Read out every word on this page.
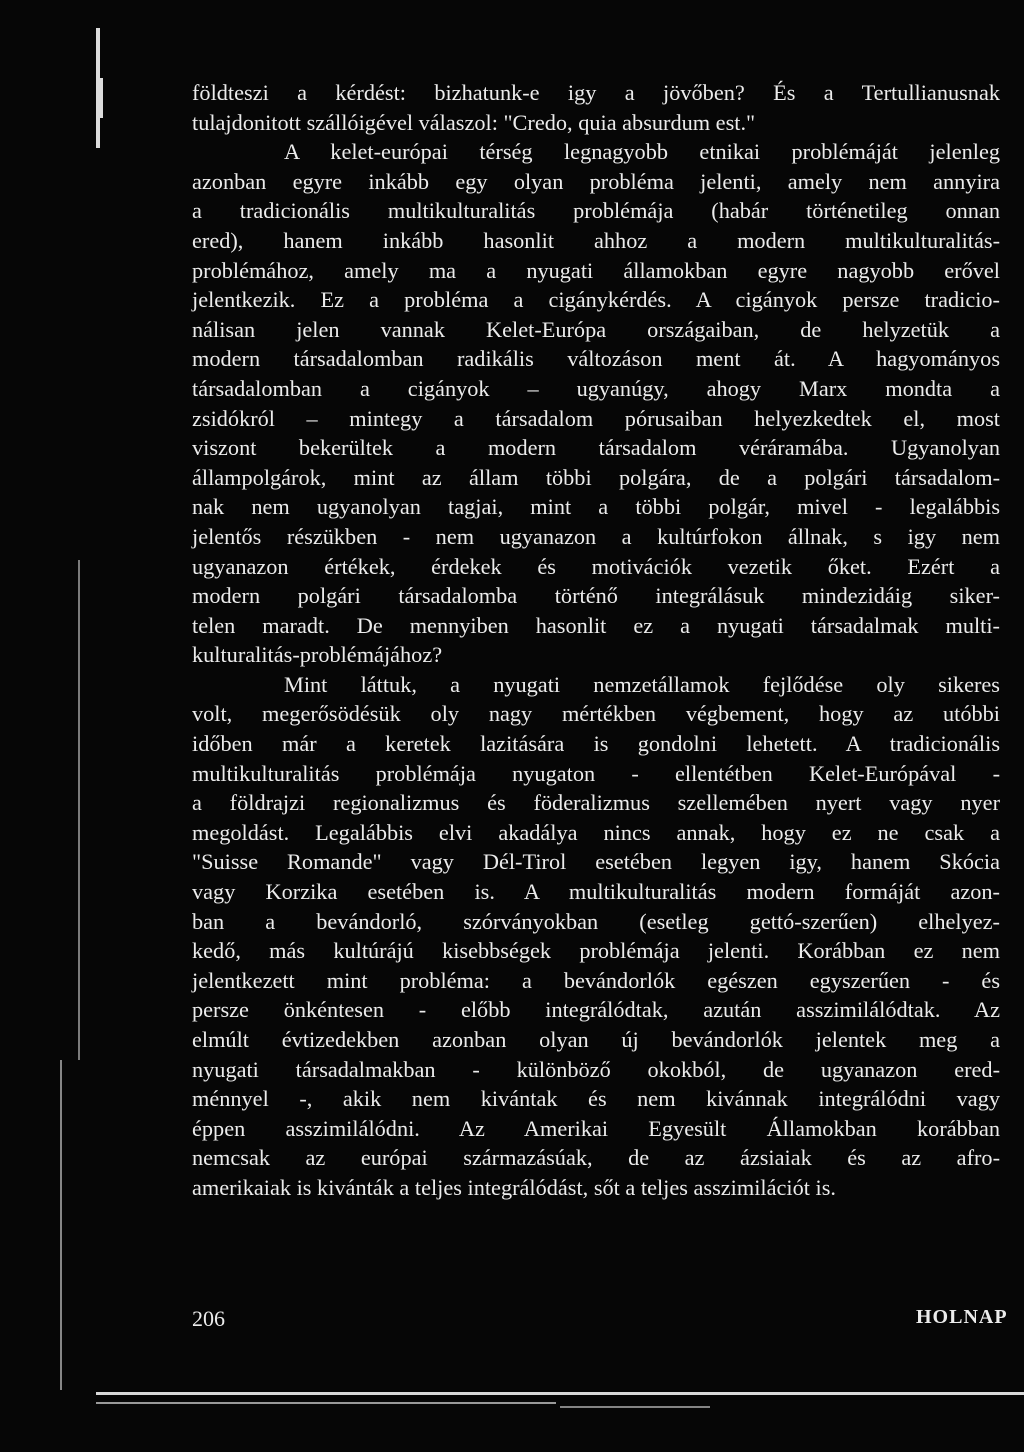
földteszi a kérdést: bizhatunk-e igy a jövőben? És a Tertullianusnak
tulajdonitott szállóigével válaszol: "Credo, quia absurdum est."
A kelet-európai térség legnagyobb etnikai problémáját jelenleg
azonban egyre inkább egy olyan probléma jelenti, amely nem annyira
a tradicionális multikulturalitás problémája (habár történetileg onnan
ered), hanem inkább hasonlit ahhoz a modern multikulturalitás-
problémához, amely ma a nyugati államokban egyre nagyobb erővel
jelentkezik. Ez a probléma a cigánykérdés. A cigányok persze tradicio-
nálisan jelen vannak Kelet-Európa országaiban, de helyzetük a
modern társadalomban radikális változáson ment át. A hagyományos
társadalomban a cigányok – ugyanúgy, ahogy Marx mondta a
zsidókról – mintegy a társadalom pórusaiban helyezkedtek el, most
viszont bekerültek a modern társadalom véráramába. Ugyanolyan
állampolgárok, mint az állam többi polgára, de a polgári társadalom-
nak nem ugyanolyan tagjai, mint a többi polgár, mivel - legalábbis
jelentős részükben - nem ugyanazon a kultúrfokon állnak, s igy nem
ugyanazon értékek, érdekek és motivációk vezetik őket. Ezért a
modern polgári társadalomba történő integrálásuk mindezidáig siker-
telen maradt. De mennyiben hasonlit ez a nyugati társadalmak multi-
kulturalitás-problémájához?
Mint láttuk, a nyugati nemzetállamok fejlődése oly sikeres
volt, megerősödésük oly nagy mértékben végbement, hogy az utóbbi
időben már a keretek lazitására is gondolni lehetett. A tradicionális
multikulturalitás problémája nyugaton - ellentétben Kelet-Európával -
a földrajzi regionalizmus és föderalizmus szellemében nyert vagy nyer
megoldást. Legalábbis elvi akadálya nincs annak, hogy ez ne csak a
"Suisse Romande" vagy Dél-Tirol esetében legyen igy, hanem Skócia
vagy Korzika esetében is. A multikulturalitás modern formáját azon-
ban a bevándorló, szórványokban (esetleg gettó-szerűen) elhelyez-
kedő, más kultúrájú kisebbségek problémája jelenti. Korábban ez nem
jelentkezett mint probléma: a bevándorlók egészen egyszerűen - és
persze önkéntesen - előbb integrálódtak, azután asszimilálódtak. Az
elmúlt évtizedekben azonban olyan új bevándorlók jelentek meg a
nyugati társadalmakban - különböző okokból, de ugyanazon ered-
ménnyel -, akik nem kivántak és nem kivánnak integrálódni vagy
éppen asszimilálódni. Az Amerikai Egyesült Államokban korábban
nemcsak az európai származásúak, de az ázsiaiak és az afro-
amerikaiak is kivánták a teljes integrálódást, sőt a teljes asszimilációt is.
206	HOLNAP
